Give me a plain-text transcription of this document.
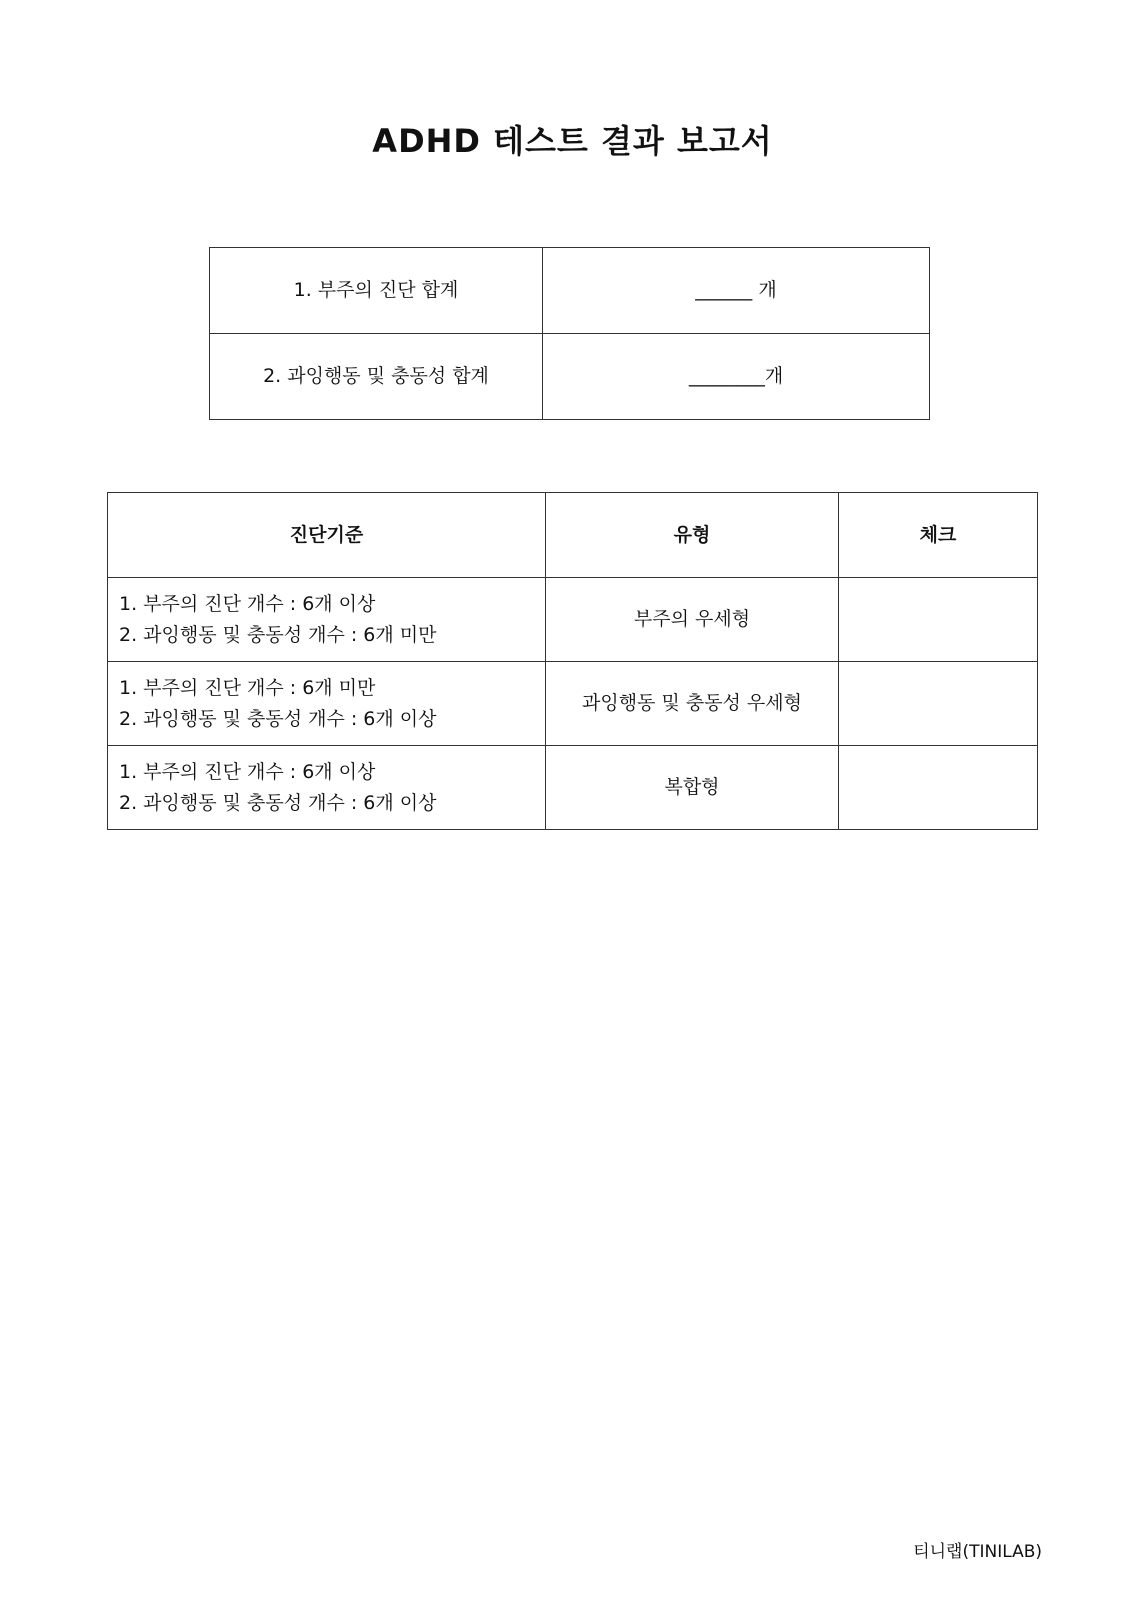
ADHD 테스트 결과 보고서
1. 부주의 진단 합계	______ 개
2. 과잉행동 및 충동성 합계	________개
진단기준	유형	체크

1. 부주의 진단 개수 : 6개 이상
2. 과잉행동 및 충동성 개수 : 6개 미만	부주의 우세형	

1. 부주의 진단 개수 : 6개 미만
2. 과잉행동 및 충동성 개수 : 6개 이상	과잉행동 및 충동성 우세형	

1. 부주의 진단 개수 : 6개 이상
2. 과잉행동 및 충동성 개수 : 6개 이상	복합형	
티니랩(TINILAB)
